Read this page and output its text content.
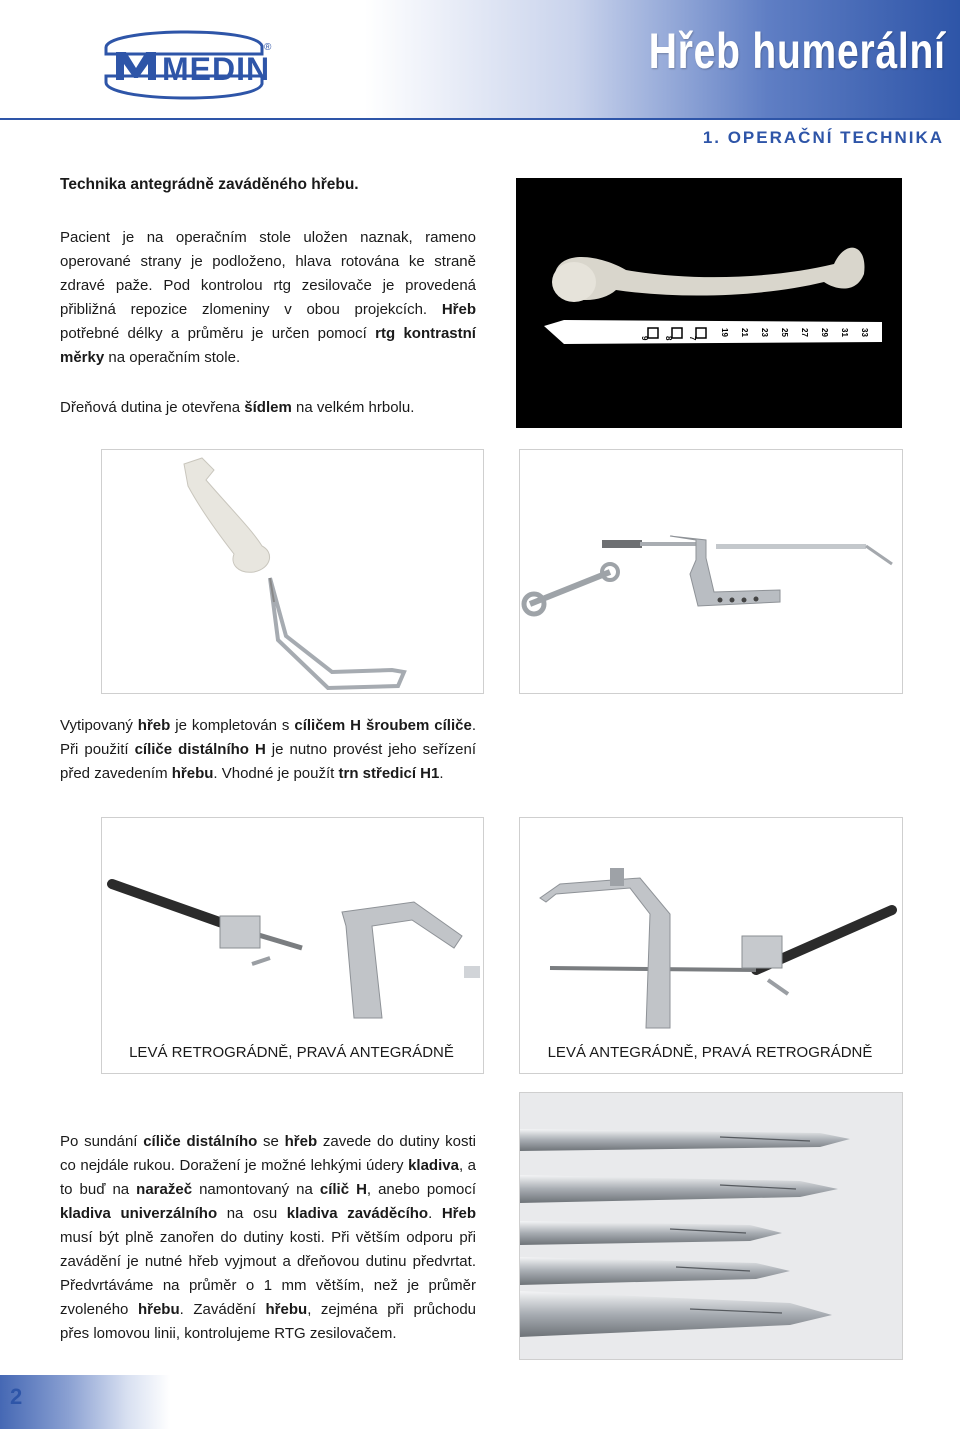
MEDIN
®	Hřeb humerální
1. OPERAČNÍ TECHNIKA
Technika antegrádně zaváděného hřebu.
Pacient je na operačním stole uložen naznak, rameno operované strany je podloženo, hlava rotována ke straně zdravé paže. Pod kontrolou rtg zesilovače je provedená přibližná repozice zlomeniny v obou projekcích. Hřeb potřebné délky a průměru je určen pomocí rtg kontrastní měrky na operačním stole.
Dřeňová dutina je otevřena šídlem na velkém hrbolu.
9 8 7
19 21 23 25 27 29 31 33
Vytipovaný hřeb je kompletován s cíličem H šroubem cíliče. Při použití cíliče distálního H je nutno provést jeho seřízení před zavedením hřebu. Vhodné je použít trn středicí H1.
LEVÁ RETROGRÁDNĚ, PRAVÁ ANTEGRÁDNĚ	LEVÁ ANTEGRÁDNĚ, PRAVÁ RETROGRÁDNĚ
Po sundání cíliče distálního se hřeb zavede do dutiny kosti co nejdále rukou. Doražení je možné lehkými údery kladiva, a to buď na naražeč namontovaný na cílič H, anebo pomocí kladiva univerzálního na osu kladiva zaváděcího. Hřeb musí být plně zanořen do dutiny kosti. Při větším odporu při zavádění je nutné hřeb vyjmout a dřeňovou dutinu předvrtat. Předvrtáváme na průměr o 1 mm větším, než je průměr zvoleného hřebu. Zavádění hřebu, zejména při průchodu přes lomovou linii, kontrolujeme RTG zesilovačem.
2
